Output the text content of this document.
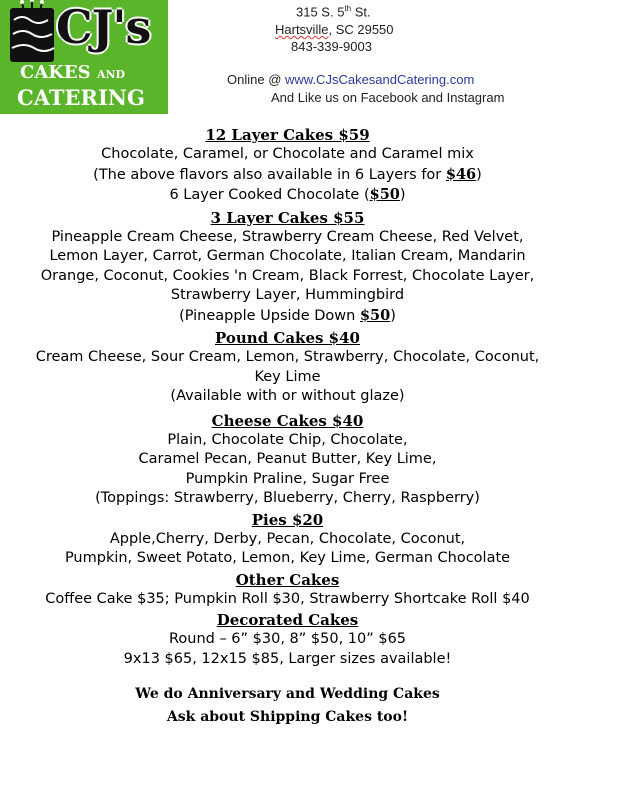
CJ's
CAKES AND
CATERING
315 S. 5th St.
Hartsville, SC 29550
843-339-9003
Online @ www.CJsCakesandCatering.com
And Like us on Facebook and Instagram
12 Layer Cakes $59
Chocolate, Caramel, or Chocolate and Caramel mix
(The above flavors also available in 6 Layers for $46)
6 Layer Cooked Chocolate ($50)
3 Layer Cakes $55
Pineapple Cream Cheese, Strawberry Cream Cheese, Red Velvet,
Lemon Layer, Carrot, German Chocolate, Italian Cream, Mandarin
Orange, Coconut, Cookies 'n Cream, Black Forrest, Chocolate Layer,
Strawberry Layer, Hummingbird
(Pineapple Upside Down $50)
Pound Cakes $40
Cream Cheese, Sour Cream, Lemon, Strawberry, Chocolate, Coconut,
Key Lime
(Available with or without glaze)
Cheese Cakes $40
Plain, Chocolate Chip, Chocolate,
Caramel Pecan, Peanut Butter, Key Lime,
Pumpkin Praline, Sugar Free
(Toppings: Strawberry, Blueberry, Cherry, Raspberry)
Pies $20
Apple,Cherry, Derby, Pecan, Chocolate, Coconut,
Pumpkin, Sweet Potato, Lemon, Key Lime, German Chocolate
Other Cakes
Coffee Cake $35; Pumpkin Roll $30, Strawberry Shortcake Roll $40
Decorated Cakes
Round – 6” $30, 8” $50, 10” $65
9x13 $65, 12x15 $85, Larger sizes available!
We do Anniversary and Wedding Cakes
Ask about Shipping Cakes too!
